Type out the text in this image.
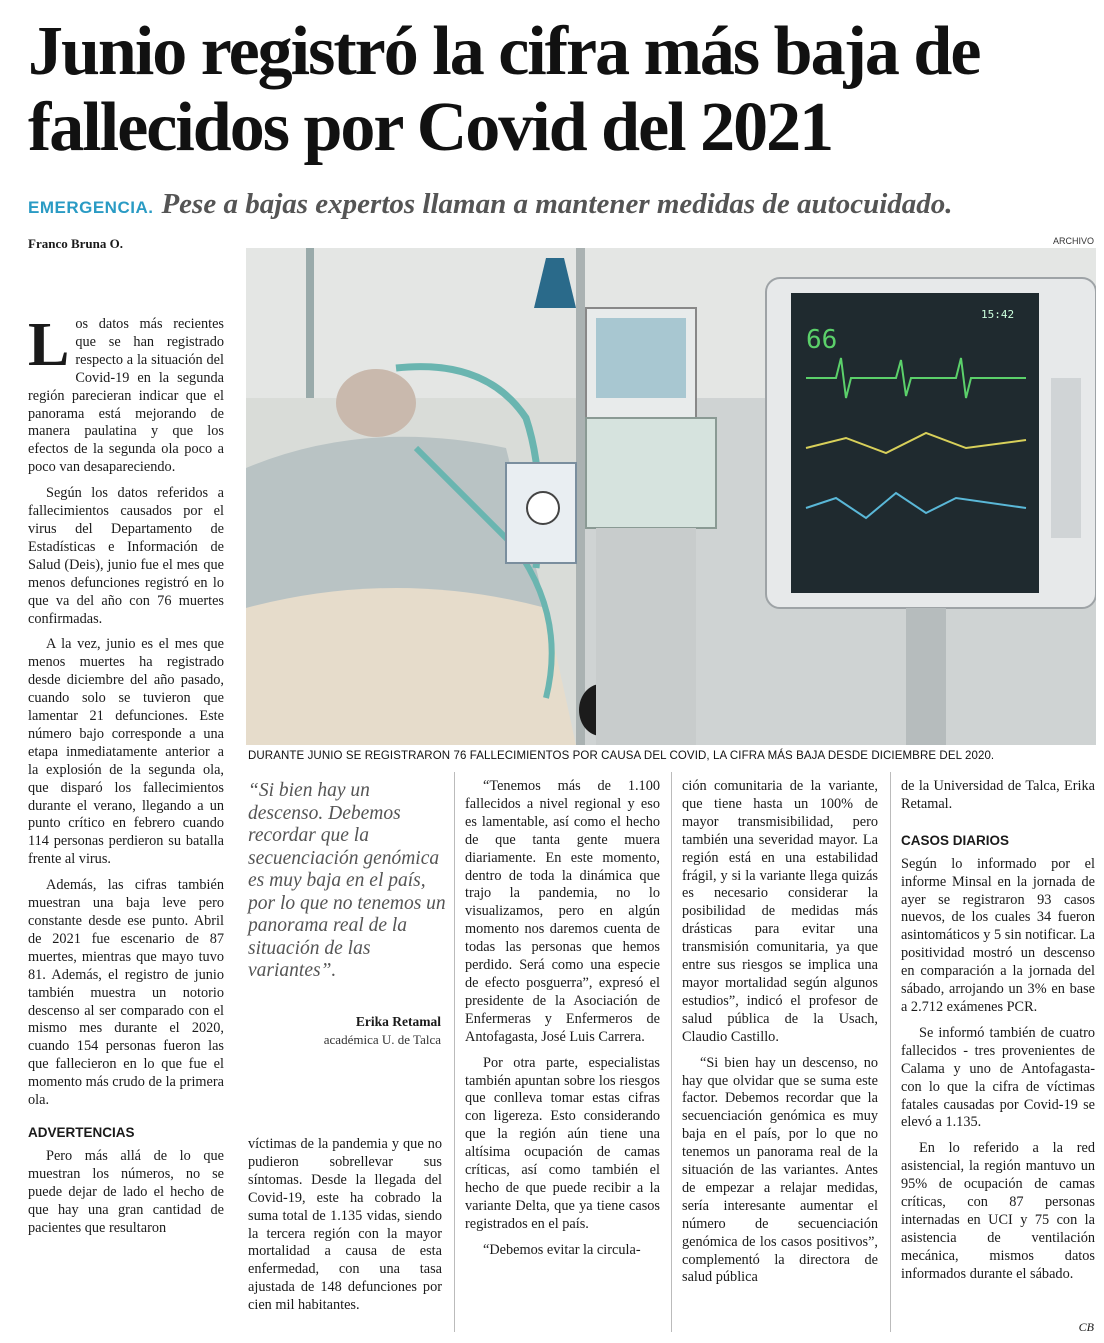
Junio registró la cifra más baja de fallecidos por Covid del 2021
EMERGENCIA. Pese a bajas expertos llaman a mantener medidas de autocuidado.
Franco Bruna O.	ARCHIVO
66
15:42
DURANTE JUNIO SE REGISTRARON 76 FALLECIMIENTOS POR CAUSA DEL COVID, LA CIFRA MÁS BAJA DESDE DICIEMBRE DEL 2020.

Los datos más recientes que se han registrado respecto a la situación del Covid-19 en la segunda región parecieran indicar que el panorama está mejorando de manera paulatina y que los efectos de la segunda ola poco a poco van desapareciendo.

Según los datos referidos a fallecimientos causados por el virus del Departamento de Estadísticas e Información de Salud (Deis), junio fue el mes que menos defunciones registró en lo que va del año con 76 muertes confirmadas.

A la vez, junio es el mes que menos muertes ha registrado desde diciembre del año pasado, cuando solo se tuvieron que lamentar 21 defunciones. Este número bajo corresponde a una etapa inmediatamente anterior a la explosión de la segunda ola, que disparó los fallecimientos durante el verano, llegando a un punto crítico en febrero cuando 114 personas perdieron su batalla frente al virus.

Además, las cifras también muestran una baja leve pero constante desde ese punto. Abril de 2021 fue escenario de 87 muertes, mientras que mayo tuvo 81. Además, el registro de junio también muestra un notorio descenso al ser comparado con el mismo mes durante el 2020, cuando 154 personas fueron las que fallecieron en lo que fue el momento más crudo de la primera ola.

ADVERTENCIAS

Pero más allá de lo que muestran los números, no se puede dejar de lado el hecho de que hay una gran cantidad de pacientes que resultaron

“Si bien hay un descenso. Debemos recordar que la secuenciación genómica es muy baja en el país, por lo que no tenemos un panorama real de la situación de las variantes”.
Erika Retamal
académica U. de Talca

víctimas de la pandemia y que no pudieron sobrellevar sus síntomas. Desde la llegada del Covid-19, este ha cobrado la suma total de 1.135 vidas, siendo la tercera región con la mayor mortalidad a causa de esta enfermedad, con una tasa ajustada de 148 defunciones por cien mil habitantes.

“Tenemos más de 1.100 fallecidos a nivel regional y eso es lamentable, así como el hecho de que tanta gente muera diariamente. En este momento, dentro de toda la dinámica que trajo la pandemia, no lo visualizamos, pero en algún momento nos daremos cuenta de todas las personas que hemos perdido. Será como una especie de efecto posguerra”, expresó el presidente de la Asociación de Enfermeras y Enfermeros de Antofagasta, José Luis Carrera.

Por otra parte, especialistas también apuntan sobre los riesgos que conlleva tomar estas cifras con ligereza. Esto considerando que la región aún tiene una altísima ocupación de camas críticas, así como también el hecho de que puede recibir a la variante Delta, que ya tiene casos registrados en el país.

“Debemos evitar la circula-

ción comunitaria de la variante, que tiene hasta un 100% de mayor transmisibilidad, pero también una severidad mayor. La región está en una estabilidad frágil, y si la variante llega quizás es necesario considerar la posibilidad de medidas más drásticas para evitar una transmisión comunitaria, ya que entre sus riesgos se implica una mayor mortalidad según algunos estudios”, indicó el profesor de salud pública de la Usach, Claudio Castillo.

“Si bien hay un descenso, no hay que olvidar que se suma este factor. Debemos recordar que la secuenciación genómica es muy baja en el país, por lo que no tenemos un panorama real de la situación de las variantes. Antes de empezar a relajar medidas, sería interesante aumentar el número de secuenciación genómica de los casos positivos”, complementó la directora de salud pública

de la Universidad de Talca, Erika Retamal.

CASOS DIARIOS

Según lo informado por el informe Minsal en la jornada de ayer se registraron 93 casos nuevos, de los cuales 34 fueron asintomáticos y 5 sin notificar. La positividad mostró un descenso en comparación a la jornada del sábado, arrojando un 3% en base a 2.712 exámenes PCR.

Se informó también de cuatro fallecidos - tres provenientes de Calama y uno de Antofagasta- con lo que la cifra de víctimas fatales causadas por Covid-19 se elevó a 1.135.

En lo referido a la red asistencial, la región mantuvo un 95% de ocupación de camas críticas, con 87 personas internadas en UCI y 75 con la asistencia de ventilación mecánica, mismos datos informados durante el sábado.

CB
